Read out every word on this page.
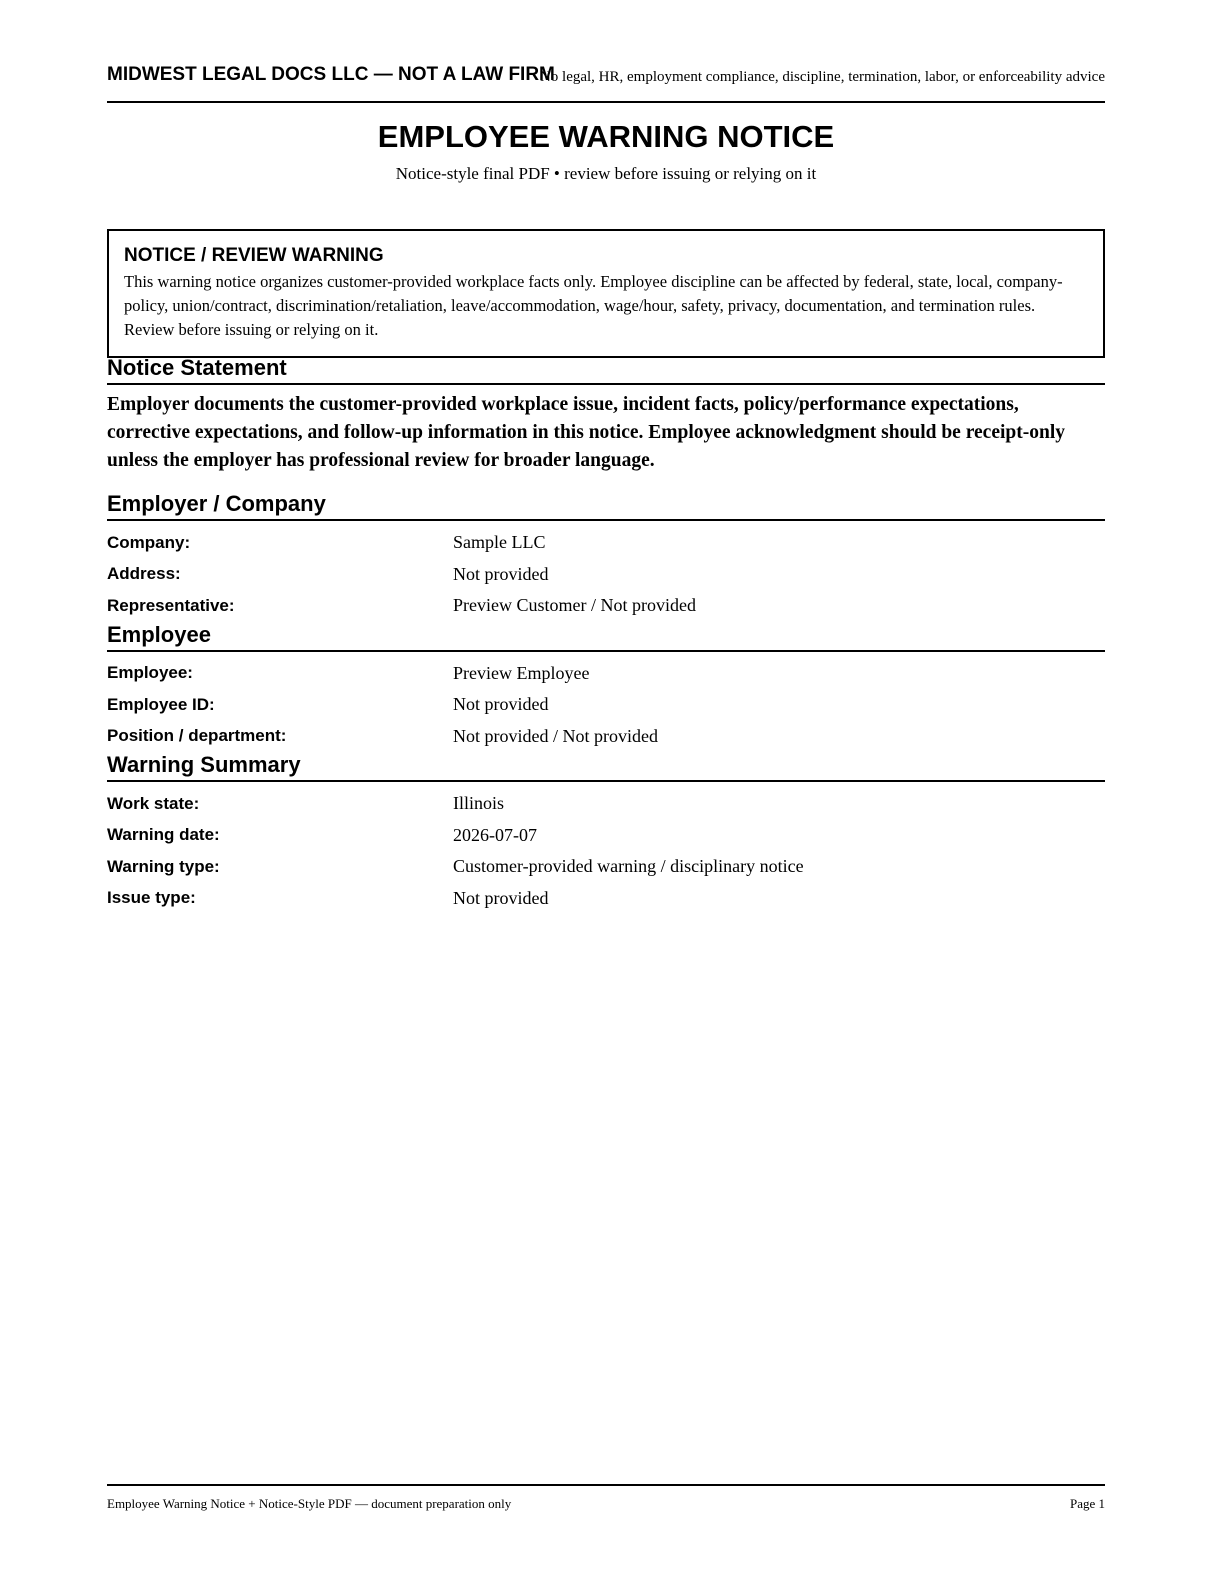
MIDWEST LEGAL DOCS LLC — NOT A LAW FIRM
No legal, HR, employment compliance, discipline, termination, labor, or enforceability advice
EMPLOYEE WARNING NOTICE
Notice-style final PDF • review before issuing or relying on it
NOTICE / REVIEW WARNING

This warning notice organizes customer-provided workplace facts only. Employee discipline can be affected by federal, state, local, company-policy, union/contract, discrimination/retaliation, leave/accommodation, wage/hour, safety, privacy, documentation, and termination rules. Review before issuing or relying on it.

Notice Statement

Employer documents the customer-provided workplace issue, incident facts, policy/performance expectations, corrective expectations, and follow-up information in this notice. Employee acknowledgment should be receipt-only unless the employer has professional review for broader language.

Employer / Company
Company:	Sample LLC
Address:	Not provided
Representative:	Preview Customer / Not provided
Employee
Employee:	Preview Employee
Employee ID:	Not provided
Position / department:	Not provided / Not provided
Warning Summary
Work state:	Illinois
Warning date:	2026-07-07
Warning type:	Customer-provided warning / disciplinary notice
Issue type:	Not provided
Employee Warning Notice + Notice-Style PDF — document preparation only	Page 1
